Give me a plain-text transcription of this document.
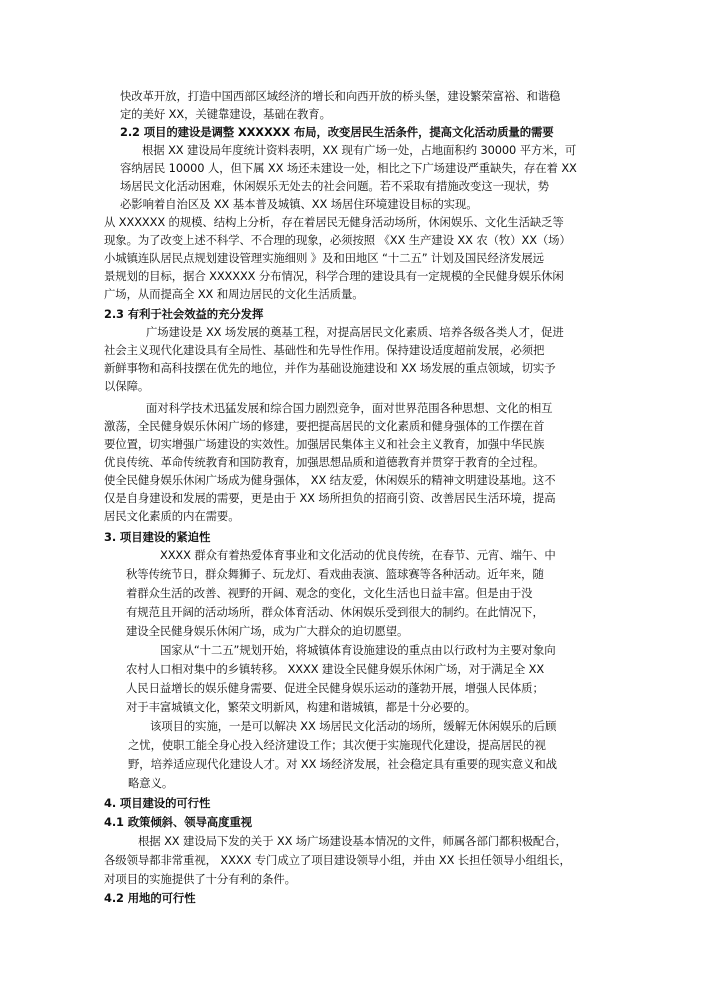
快改革开放，打造中国西部区域经济的增长和向西开放的桥头堡，建设繁荣富裕、和谐稳
定的美好 XX，关键靠建设，基础在教育。
2.2 项目的建设是调整 XXXXXX 布局，改变居民生活条件，提高文化活动质量的需要
根据 XX 建设局年度统计资料表明，XX 现有广场一处，占地面积约 30000 平方米，可
容纳居民 10000 人，但下属 XX 场还未建设一处，相比之下广场建设严重缺失，存在着 XX
场居民文化活动困难，休闲娱乐无处去的社会问题。若不采取有措施改变这一现状，势
必影响着自治区及 XX 基本普及城镇、XX 场居住环境建设目标的实现。
从 XXXXXX 的规模、结构上分析，存在着居民无健身活动场所，休闲娱乐、文化生活缺乏等
现象。为了改变上述不科学、不合理的现象，必须按照 《XX 生产建设 XX 农（牧）XX（场）
小城镇连队居民点规划建设管理实施细则 》及和田地区 “十二五” 计划及国民经济发展远
景规划的目标，据合 XXXXXX 分布情况，科学合理的建设具有一定规模的全民健身娱乐休闲
广场，从而提高全 XX 和周边居民的文化生活质量。
2.3 有利于社会效益的充分发挥
广场建设是 XX 场发展的奠基工程，对提高居民文化素质、培养各级各类人才，促进
社会主义现代化建设具有全局性、基础性和先导性作用。保持建设适度超前发展，必须把
新鲜事物和高科技摆在优先的地位，并作为基础设施建设和 XX 场发展的重点领域，切实予
以保障。
面对科学技术迅猛发展和综合国力剧烈竞争，面对世界范围各种思想、文化的相互
激荡，全民健身娱乐休闲广场的修建，要把提高居民的文化素质和健身强体的工作摆在首
要位置，切实增强广场建设的实效性。加强居民集体主义和社会主义教育，加强中华民族
优良传统、革命传统教育和国防教育，加强思想品质和道德教育并贯穿于教育的全过程。
使全民健身娱乐休闲广场成为健身强体， XX 结友爱，休闲娱乐的精神文明建设基地。这不
仅是自身建设和发展的需要，更是由于 XX 场所担负的招商引资、改善居民生活环境，提高
居民文化素质的内在需要。
3. 项目建设的紧迫性
XXXX 群众有着热爱体育事业和文化活动的优良传统，在春节、元宵、端午、中
秋等传统节日，群众舞狮子、玩龙灯、看戏曲表演、篮球赛等各种活动。近年来，随
着群众生活的改善、视野的开阔、观念的变化，文化生活也日益丰富。但是由于没
有规范且开阔的活动场所，群众体育活动、休闲娱乐受到很大的制约。在此情况下，
建设全民健身娱乐休闲广场，成为广大群众的迫切愿望。
国家从“十二五”规划开始，将城镇体育设施建设的重点由以行政村为主要对象向
农村人口相对集中的乡镇转移。 XXXX 建设全民健身娱乐休闲广场，对于满足全 XX
人民日益增长的娱乐健身需要、促进全民健身娱乐运动的蓬勃开展，增强人民体质；
对于丰富城镇文化，繁荣文明新风，构建和谐城镇，都是十分必要的。
该项目的实施，一是可以解决 XX 场居民文化活动的场所，缓解无休闲娱乐的后顾
之忧，使职工能全身心投入经济建设工作；其次便于实施现代化建设，提高居民的视
野，培养适应现代化建设人才。对 XX 场经济发展，社会稳定具有重要的现实意义和战
略意义。
4. 项目建设的可行性
4.1 政策倾斜、领导高度重视
根据 XX 建设局下发的关于 XX 场广场建设基本情况的文件，师属各部门都积极配合，
各级领导都非常重视， XXXX 专门成立了项目建设领导小组，并由 XX 长担任领导小组组长，
对项目的实施提供了十分有利的条件。
4.2 用地的可行性
